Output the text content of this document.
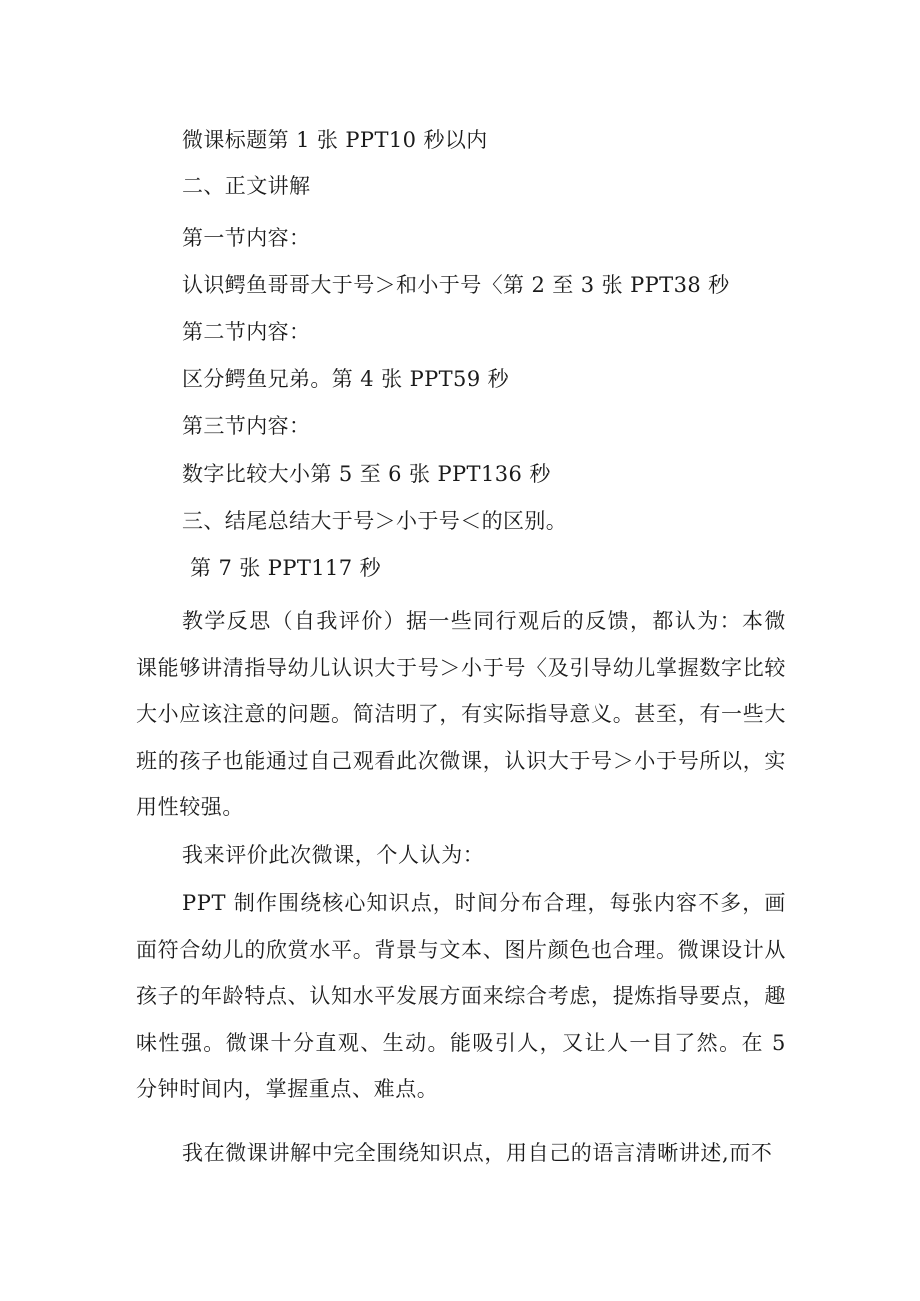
微课标题第 1 张 PPT10 秒以内

二、正文讲解

第一节内容：

认识鳄鱼哥哥大于号＞和小于号〈第 2 至 3 张 PPT38 秒

第二节内容：

区分鳄鱼兄弟。第 4 张 PPT59 秒

第三节内容：

数字比较大小第 5 至 6 张 PPT136 秒

三、结尾总结大于号＞小于号＜的区别。

第 7 张 PPT117 秒

教学反思（自我评价）据一些同行观后的反馈，都认为：本微课能够讲清指导幼儿认识大于号＞小于号〈及引导幼儿掌握数字比较大小应该注意的问题。简洁明了，有实际指导意义。甚至，有一些大班的孩子也能通过自己观看此次微课，认识大于号＞小于号所以，实用性较强。

我来评价此次微课，个人认为：

PPT 制作围绕核心知识点，时间分布合理，每张内容不多，画面符合幼儿的欣赏水平。背景与文本、图片颜色也合理。微课设计从孩子的年龄特点、认知水平发展方面来综合考虑，提炼指导要点，趣味性强。微课十分直观、生动。能吸引人，又让人一目了然。在 5 分钟时间内，掌握重点、难点。

我在微课讲解中完全围绕知识点，用自己的语言清晰讲述,而不
